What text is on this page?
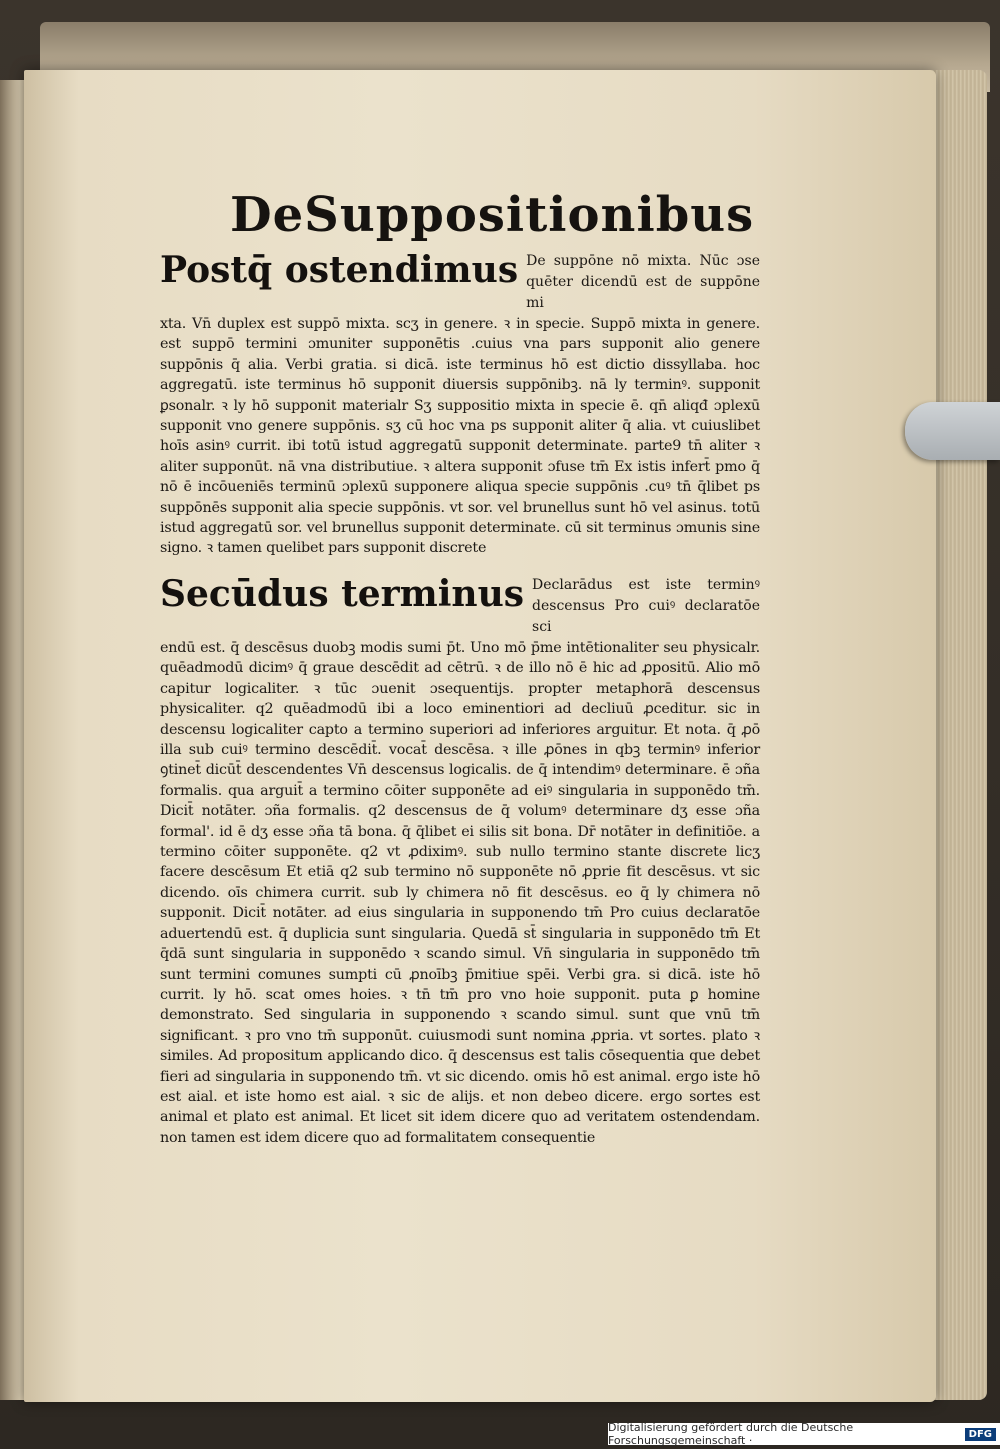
De Suppositionibus
Postq̄ ostendimus De suppōne nō mixta. Nūc ɔse quēter dicendū est de suppōne mi

xta. Vn̄ duplex est suppō mixta. scʒ in genere. ꝛ in specie. Suppō mixta in genere. est suppō termini ɔmuniter supponētis .cuius vna pars supponit alio genere suppōnis q̄ alia. Verbi gratia. si dicā. iste terminus hō est dictio dissyllaba. hoc aggregatū. iste terminus hō supponit diuersis suppōnibꝫ. nā ly terminꝰ. supponit ꝑsonalr. ꝛ ly hō supponit materialr Sʒ suppositio mixta in specie ē. qn̄ aliqđ ɔplexū supponit vno genere suppōnis. sʒ cū hoc vna ps supponit aliter q̄ alia. vt cuiuslibet hoīs asinꝰ currit. ibi totū istud aggregatū supponit determinate. parte9 tn̄ aliter ꝛ aliter supponūt. nā vna distributiue. ꝛ altera supponit ɔfuse tm̄ Ex istis infert̄ pmo q̄ nō ē incōueniēs terminū ɔplexū supponere aliqua specie suppōnis .cuꝰ tn̄ q̄libet ps suppōnēs supponit alia specie suppōnis. vt sor. vel brunellus sunt hō vel asinus. totū istud aggregatū sor. vel brunellus supponit determinate. cū sit terminus ɔmunis sine signo. ꝛ tamen quelibet pars supponit discrete

Secūdus terminus Declarādus est iste terminꝰ descensus Pro cuiꝰ declaratōe sci

endū est. q̄ descēsus duobꝫ modis sumi p̄t. Uno mō p̄me intētionaliter seu physicalr. quēadmodū dicimꝰ q̄ graue descēdit ad cētrū. ꝛ de illo nō ē hic ad ꝓpositū. Alio mō capitur logicaliter. ꝛ tūc ɔuenit ɔsequentijs. propter metaphorā descensus physicaliter. q2 quēadmodū ibi a loco eminentiori ad decliuū ꝓceditur. sic in descensu logicaliter capto a termino superiori ad inferiores arguitur. Et nota. q̄ ꝓō illa sub cuiꝰ termino descēdit̄. vocat̄ descēsa. ꝛ ille ꝓōnes in qbꝫ terminꝰ inferior ꝯtinet̄ dicūt̄ descendentes Vn̄ descensus logicalis. de q̄ intendimꝰ determinare. ē ɔña formalis. qua arguit̄ a termino cōiter supponēte ad eiꝰ singularia in supponēdo tm̄. Dicit̄ notāter. ɔña formalis. q2 descensus de q̄ volumꝰ determinare dʒ esse ɔña formal'. id ē dʒ esse ɔña tā bona. q̄ q̄libet ei silis sit bona. Dr̄ notāter in definitiōe. a termino cōiter supponēte. q2 vt ꝓdiximꝰ. sub nullo termino stante discrete licʒ facere descēsum Et etiā q2 sub termino nō supponēte nō ꝓprie fit descēsus. vt sic dicendo. oīs chimera currit. sub ly chimera nō fit descēsus. eo q̄ ly chimera nō supponit. Dicit̄ notāter. ad eius singularia in supponendo tm̄ Pro cuius declaratōe aduertendū est. q̄ duplicia sunt singularia. Quedā st̄ singularia in supponēdo tm̄ Et q̄dā sunt singularia in supponēdo ꝛ scando simul. Vn̄ singularia in supponēdo tm̄ sunt termini comunes sumpti cū ꝓnoībꝫ p̄mitiue spēi. Verbi gra. si dicā. iste hō currit. ly hō. scat omes hoies. ꝛ tn̄ tm̄ pro vno hoie supponit. puta ꝑ homine demonstrato. Sed singularia in supponendo ꝛ scando simul. sunt que vnū tm̄ significant. ꝛ pro vno tm̄ supponūt. cuiusmodi sunt nomina ꝓpria. vt sortes. plato ꝛ similes. Ad propositum applicando dico. q̄ descensus est talis cōsequentia que debet fieri ad singularia in supponendo tm̄. vt sic dicendo. omis hō est animal. ergo iste hō est aial. et iste homo est aial. ꝛ sic de alijs. et non debeo dicere. ergo sortes est animal et plato est animal. Et licet sit idem dicere quo ad veritatem ostendendam. non tamen est idem dicere quo ad formalitatem consequentie

Digitalisierung gefördert durch die Deutsche Forschungsgemeinschaft ·	DFG
